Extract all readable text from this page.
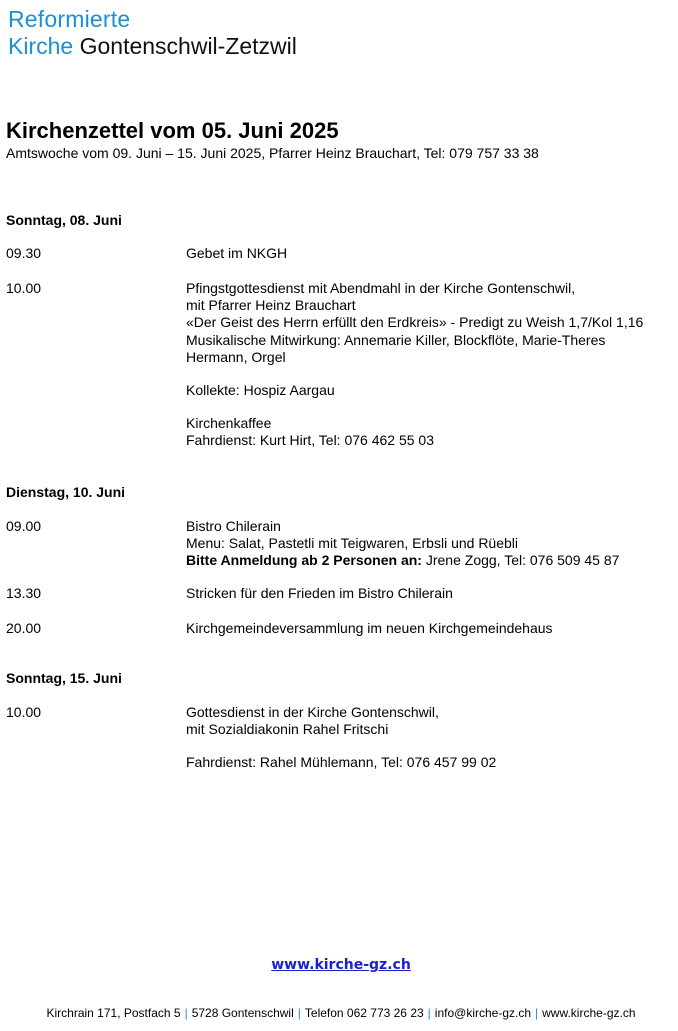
Reformierte
Kirche Gontenschwil-Zetzwil
Kirchenzettel vom 05. Juni 2025
Amtswoche vom 09. Juni – 15. Juni 2025, Pfarrer Heinz Brauchart, Tel: 079 757 33 38
Sonntag, 08. Juni
09.30	Gebet im NKGH
10.00	Pfingstgottesdienst mit Abendmahl in der Kirche Gontenschwil,
mit Pfarrer Heinz Brauchart
«Der Geist des Herrn erfüllt den Erdkreis» - Predigt zu Weish 1,7/Kol 1,16
Musikalische Mitwirkung: Annemarie Killer, Blockflöte, Marie-Theres
Hermann, Orgel
Kollekte: Hospiz Aargau
Kirchenkaffee
Fahrdienst: Kurt Hirt, Tel: 076 462 55 03
Dienstag, 10. Juni
09.00	Bistro Chilerain
Menu: Salat, Pastetli mit Teigwaren, Erbsli und Rüebli
Bitte Anmeldung ab 2 Personen an: Jrene Zogg, Tel: 076 509 45 87
13.30	Stricken für den Frieden im Bistro Chilerain
20.00	Kirchgemeindeversammlung im neuen Kirchgemeindehaus
Sonntag, 15. Juni
10.00	Gottesdienst in der Kirche Gontenschwil,
mit Sozialdiakonin Rahel Fritschi
Fahrdienst: Rahel Mühlemann, Tel: 076 457 99 02
www.kirche-gz.ch
Kirchrain 171, Postfach 5 | 5728 Gontenschwil | Telefon 062 773 26 23 | info@kirche-gz.ch | www.kirche-gz.ch
